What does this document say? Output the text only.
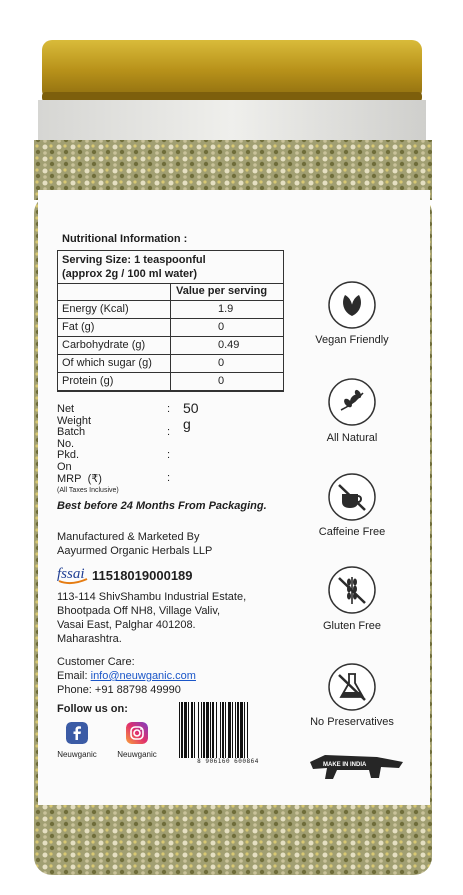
Nutritional Information :
Serving Size: 1 teaspoonful
(approx 2g / 100 ml water)
Value per serving
Energy (Kcal)	1.9
Fat (g)	0
Carbohydrate (g)	0.49
Of which sugar (g)	0
Protein (g)	0
Net Weight
: 50 g
Batch No.
:
Pkd. On
:
MRP (₹)	:
(All Taxes Inclusive)
Best before 24 Months From Packaging.
Manufactured & Marketed By
Aayurmed Organic Herbals LLP
fssai 11518019000189
113-114 ShivShambu Industrial Estate,
Bhootpada Off NH8, Village Valiv,
Vasai East, Palghar 401208.
Maharashtra.
Customer Care:
Email: info@neuwganic.com
Phone: +91 88798 49990
Follow us on:
Neuwganic	Neuwganic
8 906160 600864
Vegan Friendly
All Natural
Caffeine Free
Gluten Free
No Preservatives
MAKE IN INDIA
